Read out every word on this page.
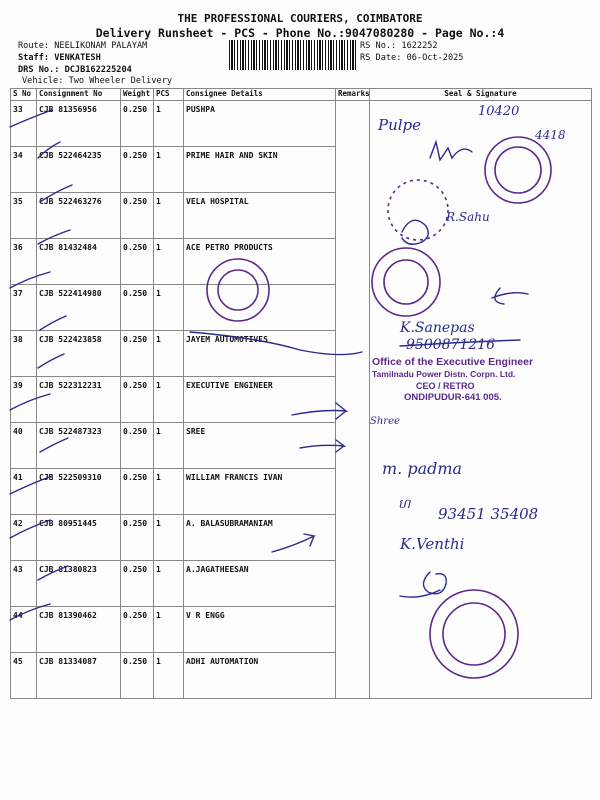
THE PROFESSIONAL COURIERS, COIMBATORE
Delivery Runsheet - PCS - Phone No.:9047080280 - Page No.:4
Route: NEELIKONAM PALAYAM
Staff: VENKATESH
DRS No.: DCJB162225204
Vehicle: Two Wheeler Delivery
RS No.: 1622252
RS Date: 06-Oct-2025
S No	Consignment No	Weight	PCS	Consignee Details	Remarks	Seal & Signature
33	CJB 81356956	0.250	1	PUSHPA		
34	CJB 522464235	0.250	1	PRIME HAIR AND SKIN		
35	CJB 522463276	0.250	1	VELA HOSPITAL		
36	CJB 81432484	0.250	1	ACE PETRO PRODUCTS		
37	CJB 522414980	0.250	1			
38	CJB 522423858	0.250	1	JAYEM AUTOMOTIVES		
39	CJB 522312231	0.250	1	EXECUTIVE ENGINEER		
40	CJB 522487323	0.250	1	SREE		
41	CJB 522509310	0.250	1	WILLIAM FRANCIS IVAN		
42	CJB 80951445	0.250	1	A. BALASUBRAMANIAM		
43	CJB 81380823	0.250	1	A.JAGATHEESAN		
44	CJB 81390462	0.250	1	V R ENGG		
45	CJB 81334087	0.250	1	ADHI AUTOMATION		
Pulpe
10420
4418
R.Sahu
K.Sanepas
9500871216
Shree
m. padma
ហ
93451 35408
K.Venthi
Office of the Executive Engineer
Tamilnadu Power Distn. Corpn. Ltd.
CEO / RETRO
ONDIPUDUR-641 005.
